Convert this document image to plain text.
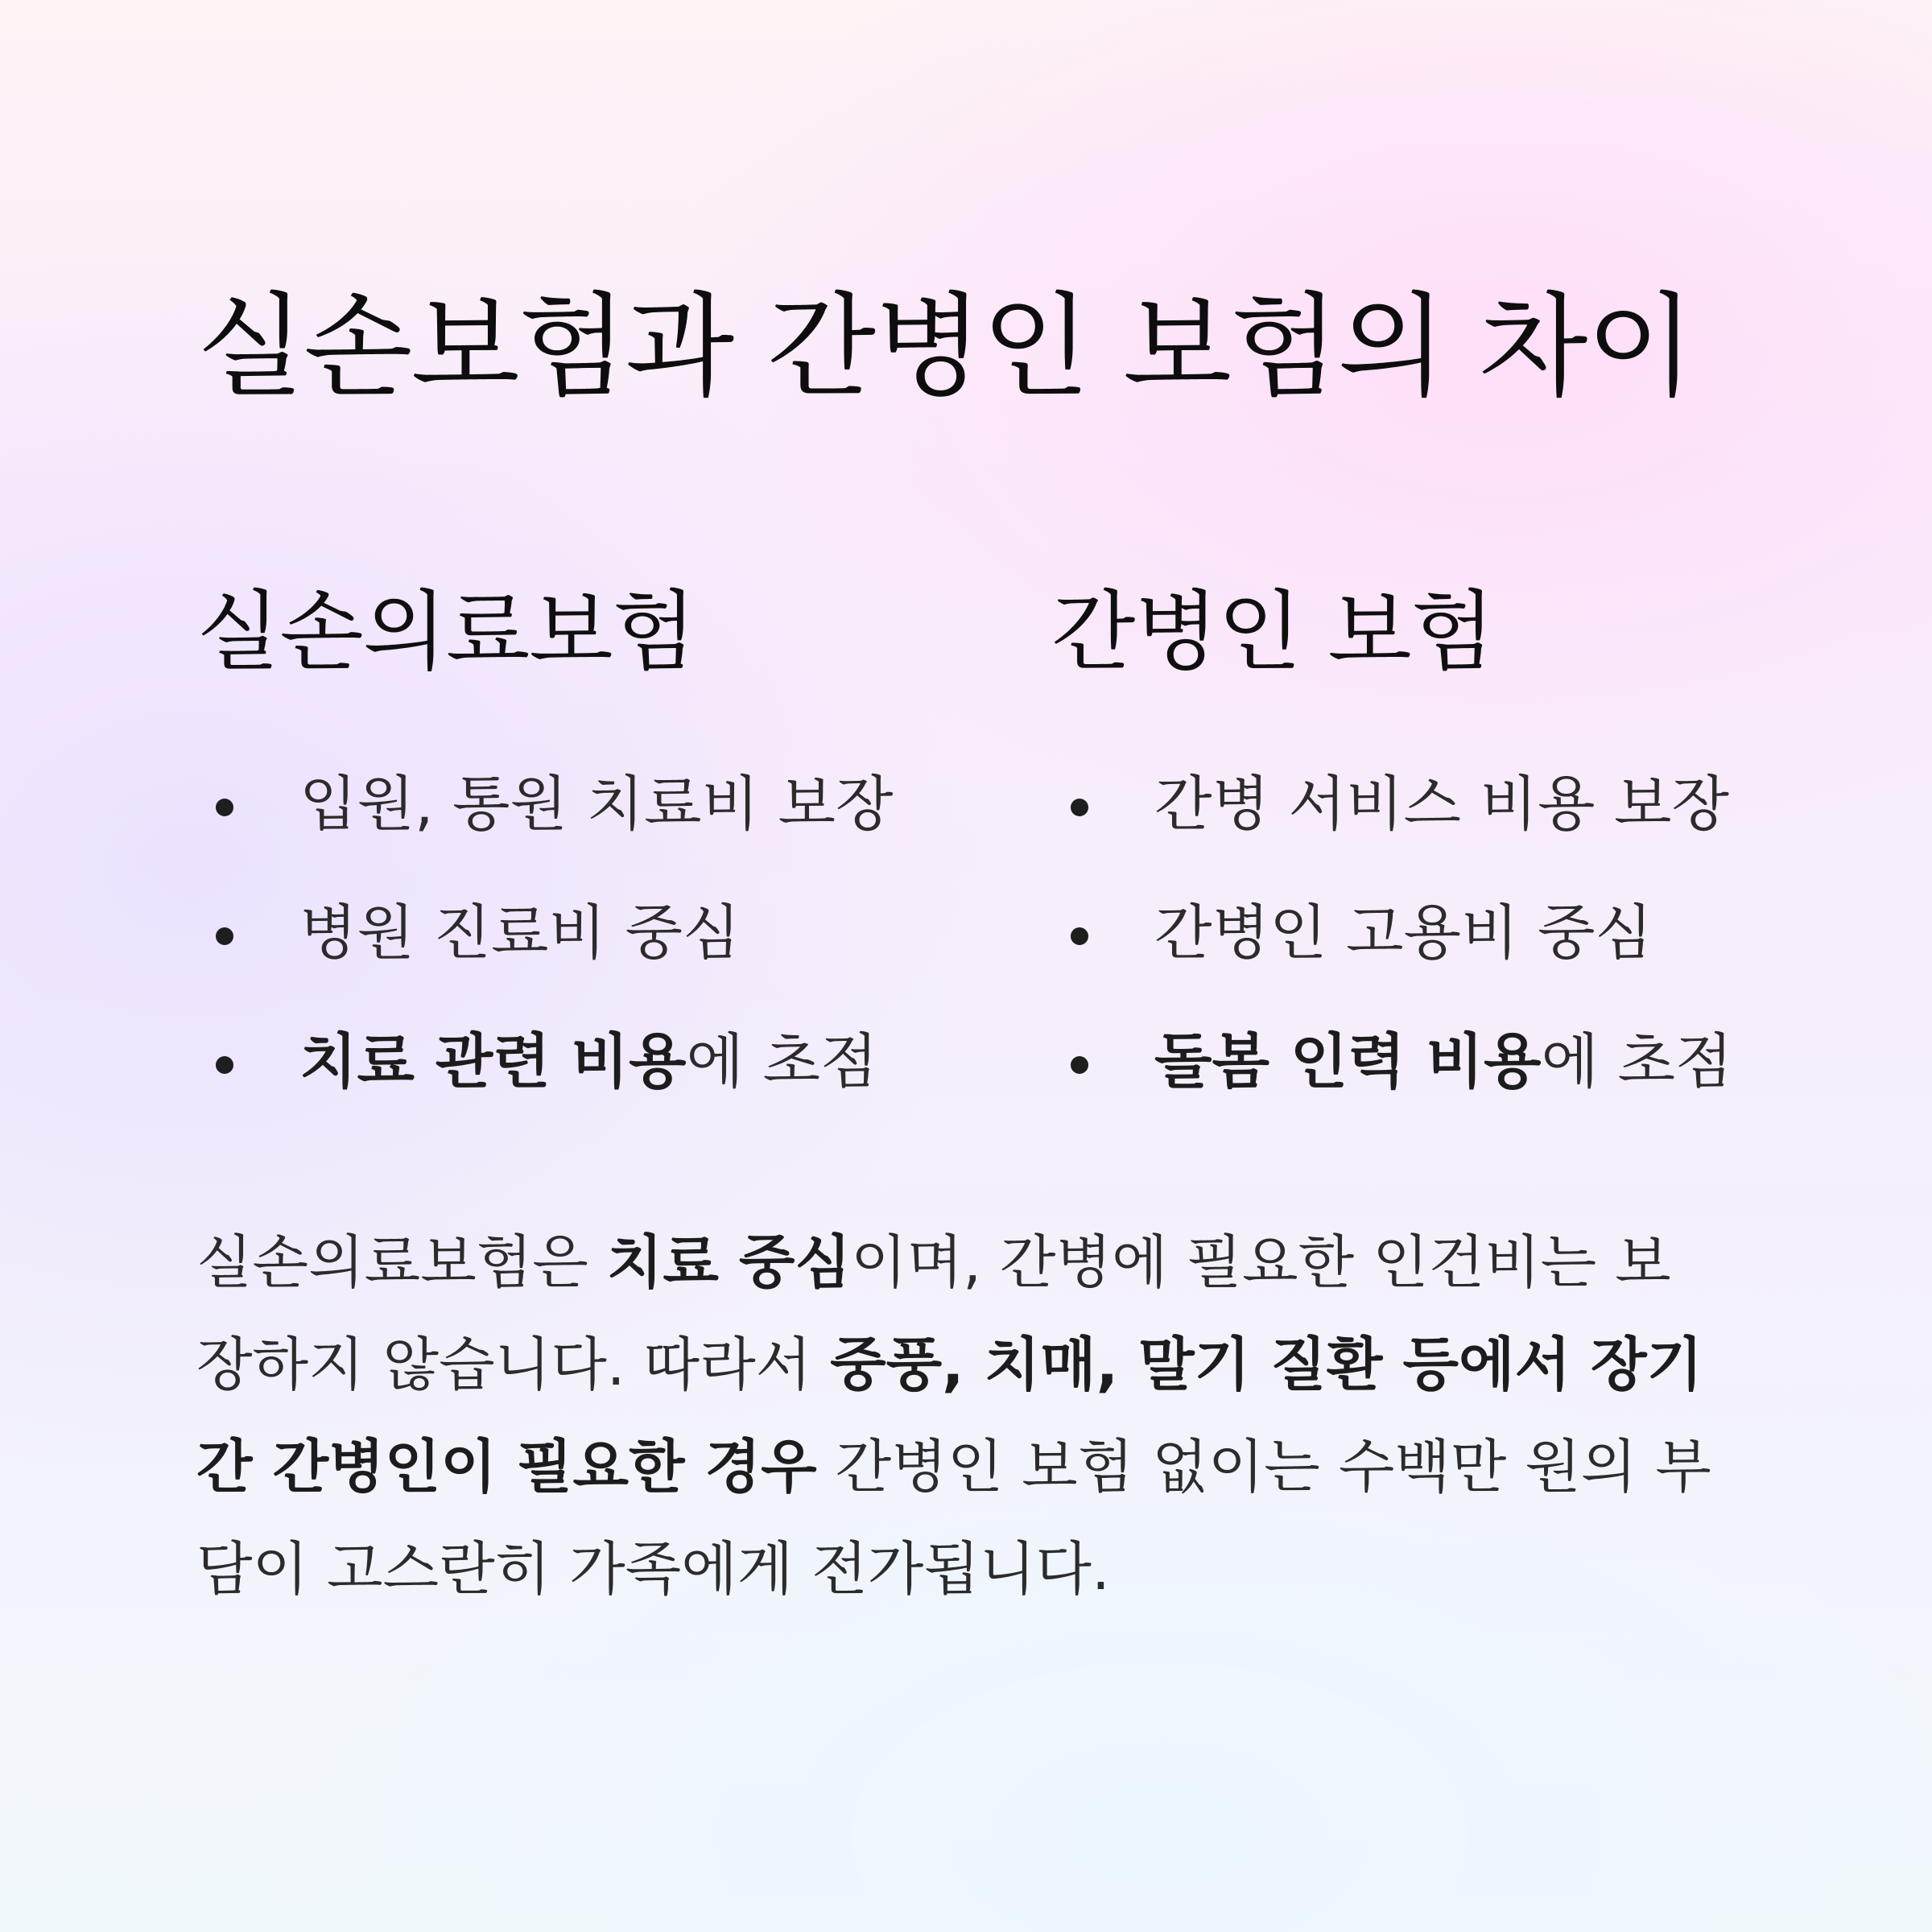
실손보험과 간병인 보험의 차이
실손의료보험
입원, 통원 치료비 보장
병원 진료비 중심
치료 관련 비용에 초점
간병인 보험
간병 서비스 비용 보장
간병인 고용비 중심
돌봄 인력 비용에 초점

실손의료보험은 치료 중심이며, 간병에 필요한 인건비는 보
장하지 않습니다. 따라서 중풍, 치매, 말기 질환 등에서 장기
간 간병인이 필요한 경우 간병인 보험 없이는 수백만 원의 부
담이 고스란히 가족에게 전가됩니다.
